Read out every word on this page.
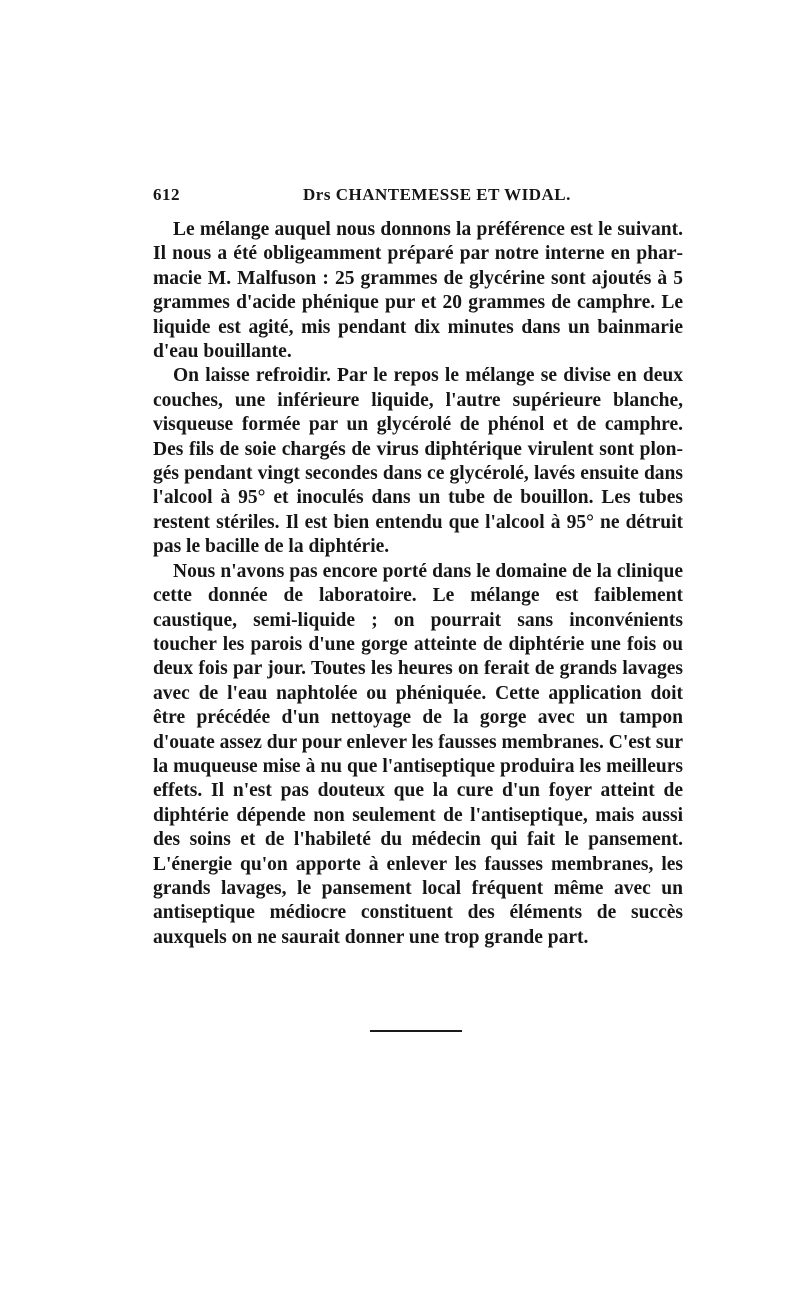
612	Drs CHANTEMESSE ET WIDAL.

Le mélange auquel nous donnons la préférence est le suivant. Il nous a été obligeamment préparé par notre interne en pharmacie M. Malfuson : 25 grammes de glycérine sont ajoutés à 5 grammes d'acide phénique pur et 20 grammes de camphre. Le liquide est agité, mis pendant dix minutes dans un bainmarie d'eau bouillante.

On laisse refroidir. Par le repos le mélange se divise en deux couches, une inférieure liquide, l'autre supérieure blanche, visqueuse formée par un glycérolé de phénol et de camphre. Des fils de soie chargés de virus diphtérique virulent sont plongés pendant vingt secondes dans ce glycérolé, lavés ensuite dans l'alcool à 95° et inoculés dans un tube de bouillon. Les tubes restent stériles. Il est bien entendu que l'alcool à 95° ne détruit pas le bacille de la diphtérie.

Nous n'avons pas encore porté dans le domaine de la clinique cette donnée de laboratoire. Le mélange est faiblement caustique, semi-liquide ; on pourrait sans inconvénients toucher les parois d'une gorge atteinte de diphtérie une fois ou deux fois par jour. Toutes les heures on ferait de grands lavages avec de l'eau naphtolée ou phéniquée. Cette application doit être précédée d'un nettoyage de la gorge avec un tampon d'ouate assez dur pour enlever les fausses membranes. C'est sur la muqueuse mise à nu que l'antiseptique produira les meilleurs effets. Il n'est pas douteux que la cure d'un foyer atteint de diphtérie dépende non seulement de l'antiseptique, mais aussi des soins et de l'habileté du médecin qui fait le pansement. L'énergie qu'on apporte à enlever les fausses membranes, les grands lavages, le pansement local fréquent même avec un antiseptique médiocre constituent des éléments de succès auxquels on ne saurait donner une trop grande part.
